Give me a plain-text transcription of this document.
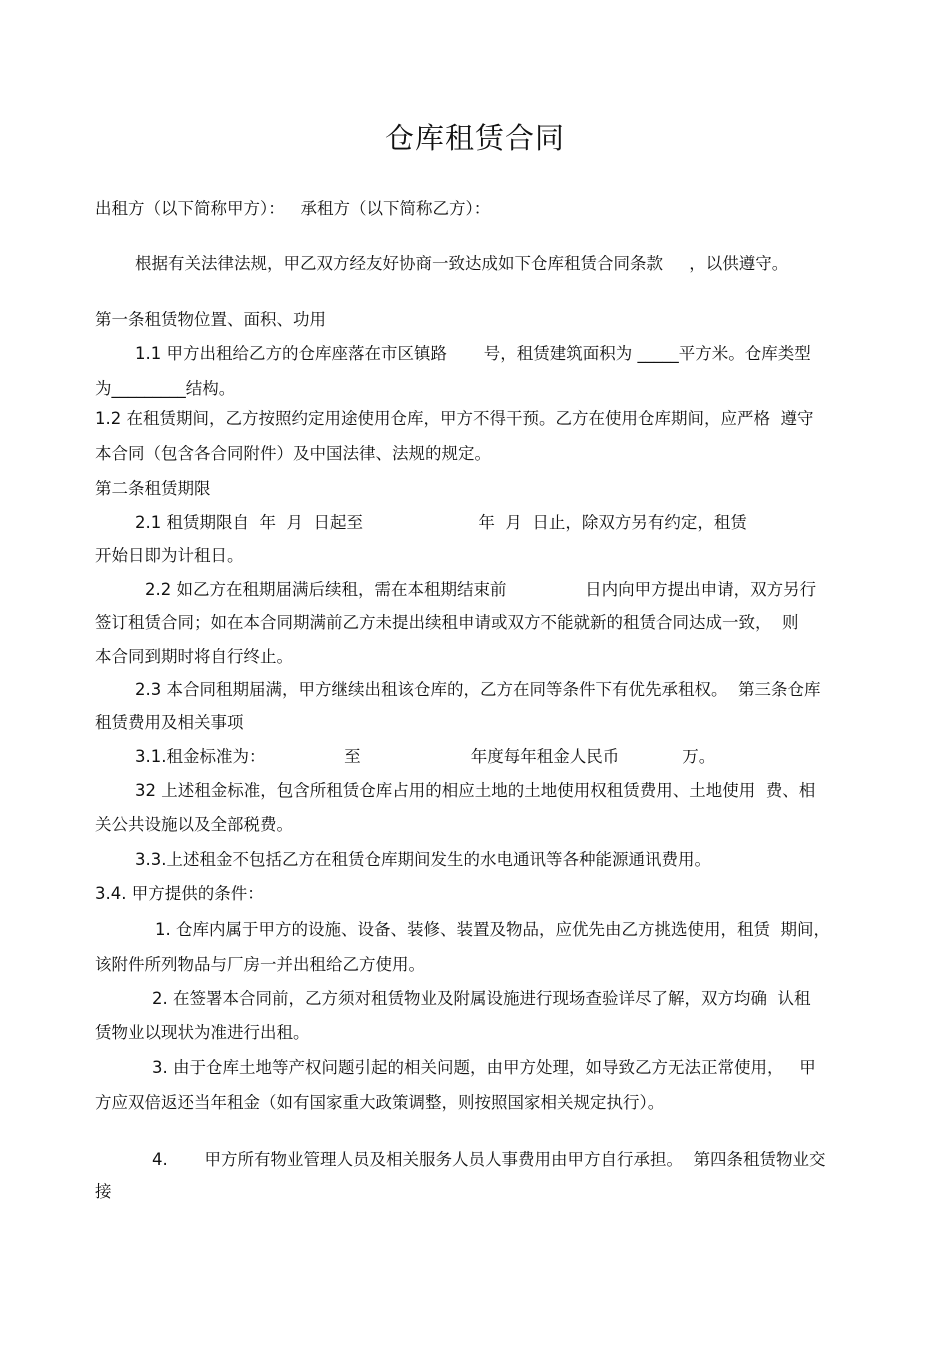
仓库租赁合同
出租方（以下简称甲方）：   承租方（以下简称乙方）：
根据有关法律法规，甲乙双方经友好协商一致达成如下仓库租赁合同条款     ，以供遵守。
第一条租赁物位置、面积、功用
1.1 甲方出租给乙方的仓库座落在市区镇路       号，租赁建筑面积为 _____平方米。仓库类型
为_________结构。
1.2 在租赁期间，乙方按照约定用途使用仓库，甲方不得干预。乙方在使用仓库期间，应严格  遵守
本合同（包含各合同附件）及中国法律、法规的规定。
第二条租赁期限
2.1 租赁期限自  年  月  日起至                      年  月  日止，除双方另有约定，租赁
开始日即为计租日。
2.2 如乙方在租期届满后续租，需在本租期结束前               日内向甲方提出申请，双方另行
签订租赁合同；如在本合同期满前乙方未提出续租申请或双方不能就新的租赁合同达成一致，  则
本合同到期时将自行终止。
2.3 本合同租期届满，甲方继续出租该仓库的，乙方在同等条件下有优先承租权。  第三条仓库
租赁费用及相关事项
3.1.租金标准为：               至                     年度每年租金人民币            万。
32 上述租金标准，包含所租赁仓库占用的相应土地的土地使用权租赁费用、土地使用  费、相
关公共设施以及全部税费。
3.3.上述租金不包括乙方在租赁仓库期间发生的水电通讯等各种能源通讯费用。
3.4. 甲方提供的条件：
1. 仓库内属于甲方的设施、设备、装修、装置及物品，应优先由乙方挑选使用，租赁  期间，
该附件所列物品与厂房一并出租给乙方使用。
2. 在签署本合同前，乙方须对租赁物业及附属设施进行现场查验详尽了解，双方均确  认租
赁物业以现状为准进行出租。
3. 由于仓库土地等产权问题引起的相关问题，由甲方处理，如导致乙方无法正常使用，   甲
方应双倍返还当年租金（如有国家重大政策调整，则按照国家相关规定执行）。
4.       甲方所有物业管理人员及相关服务人员人事费用由甲方自行承担。  第四条租赁物业交
接
